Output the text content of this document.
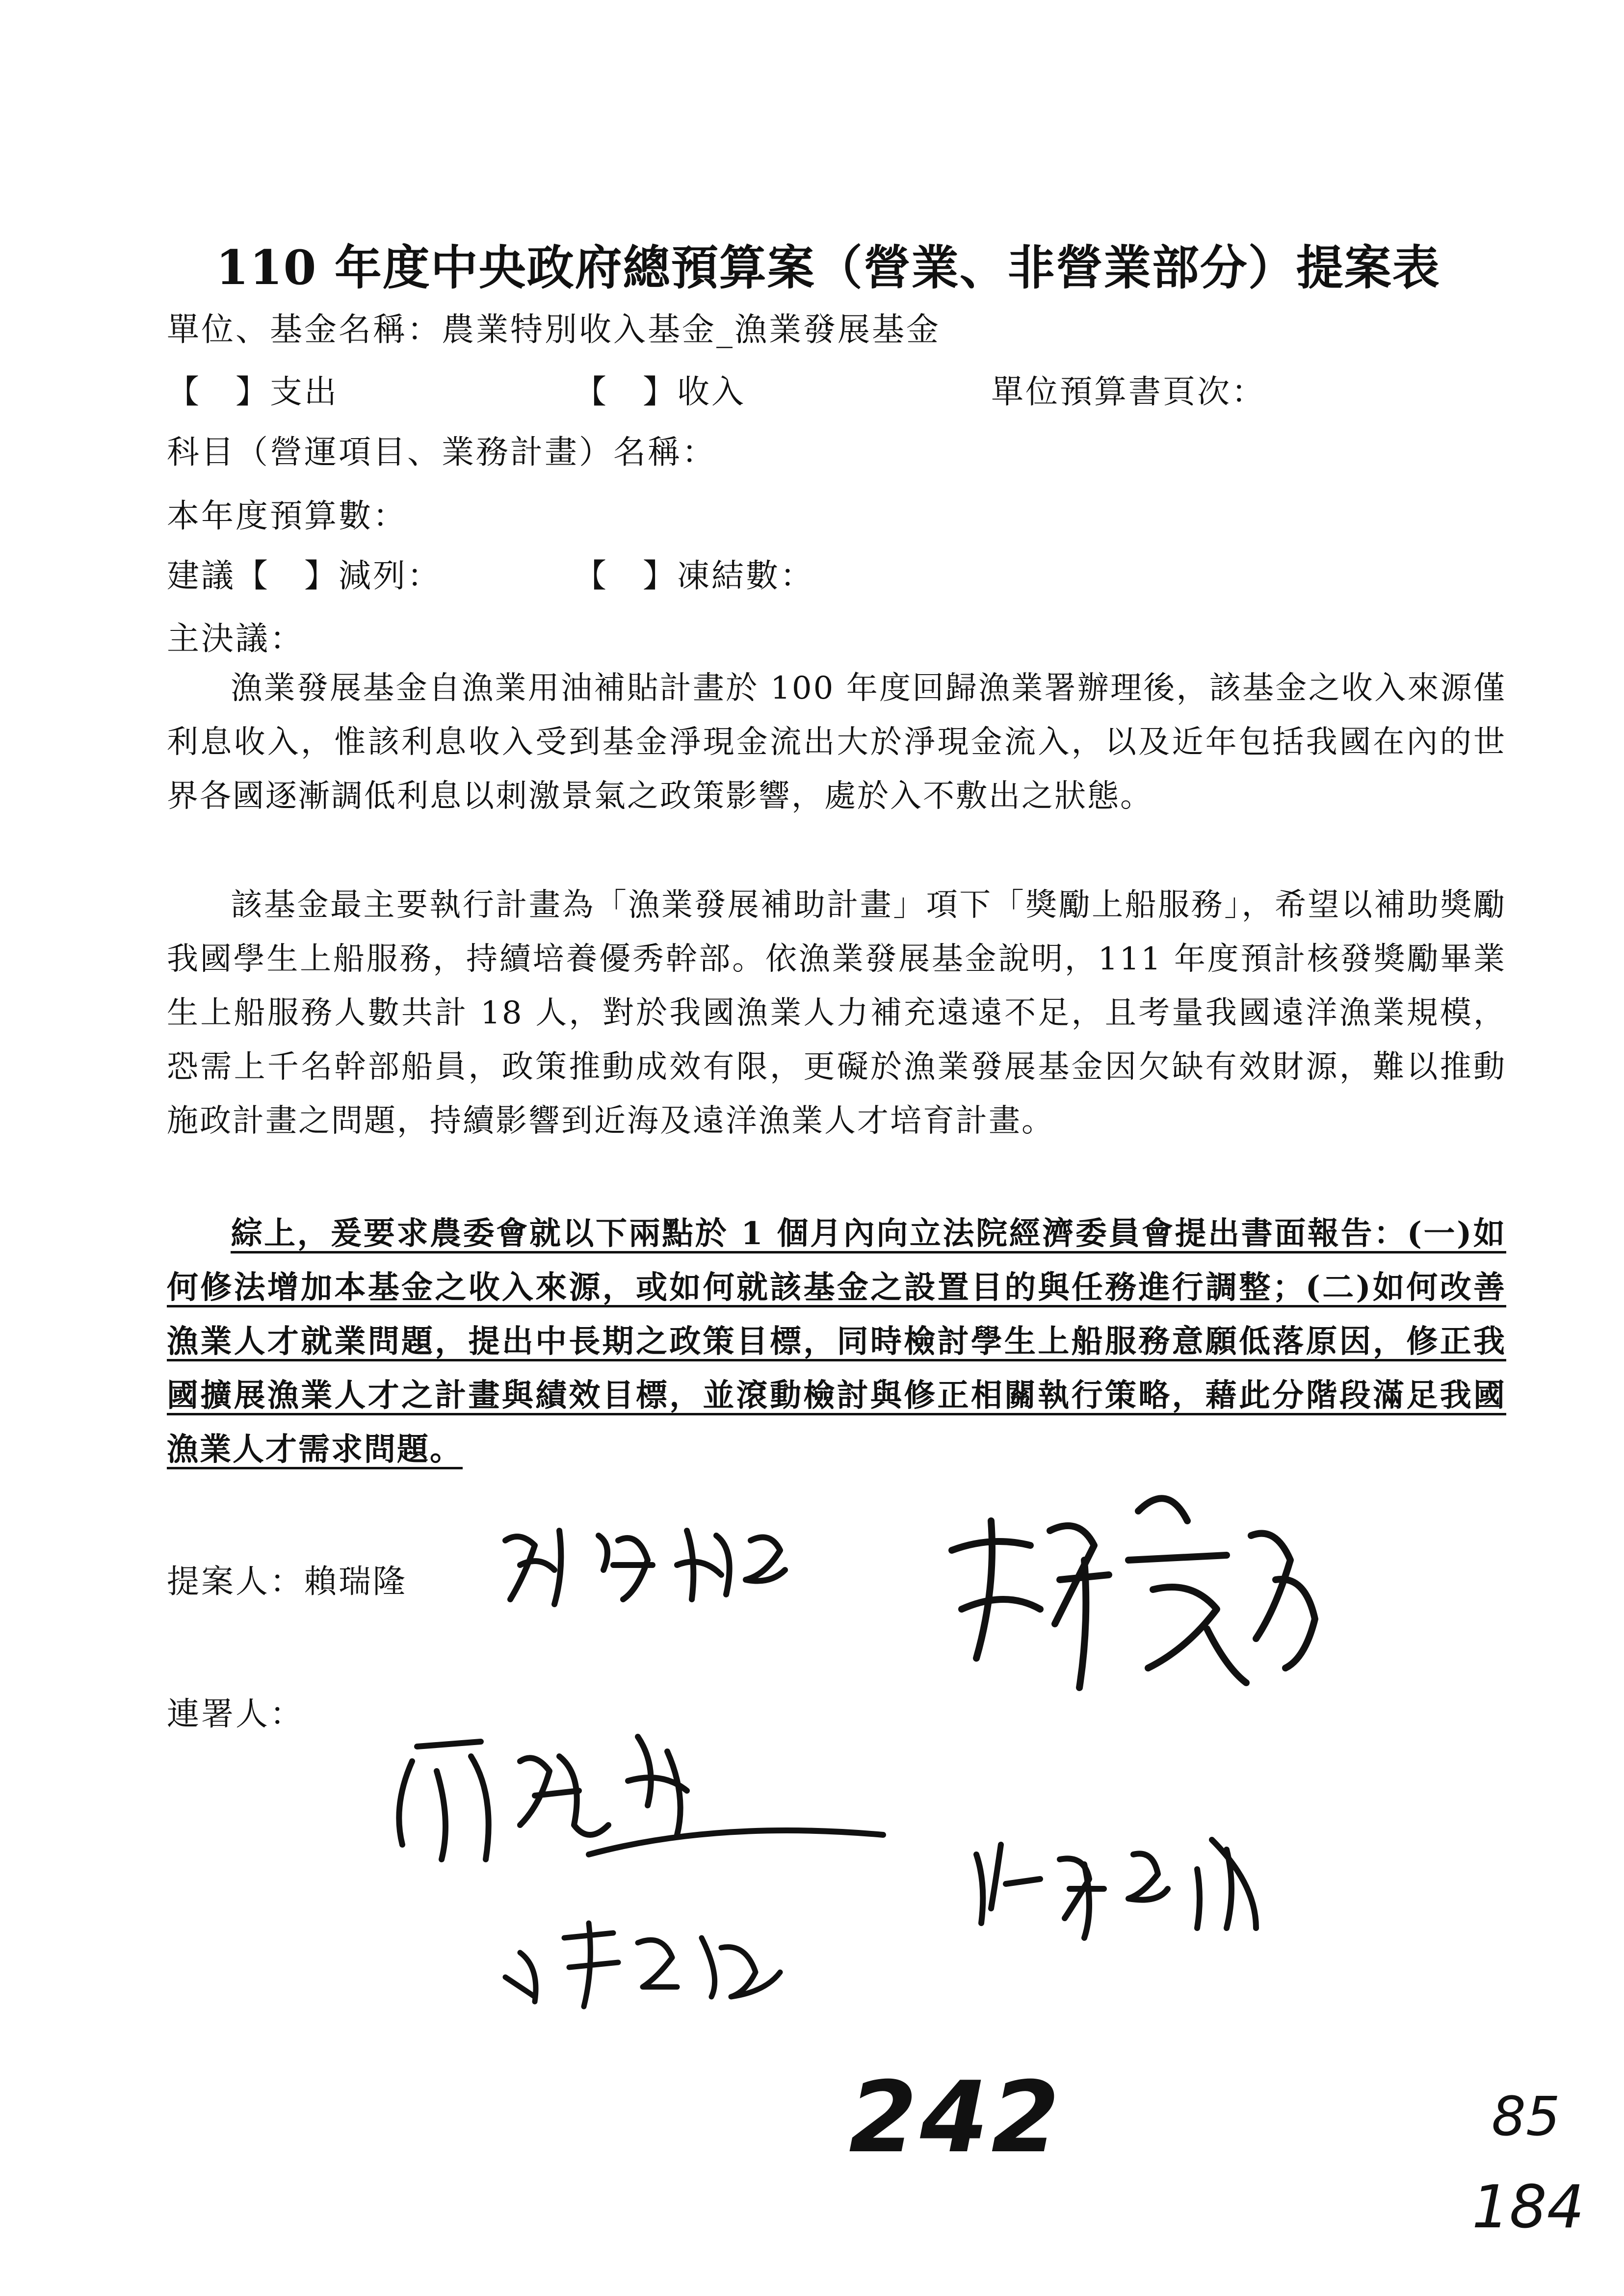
110 年度中央政府總預算案（營業、非營業部分）提案表
單位、基金名稱：農業特別收入基金_漁業發展基金
【　】支出	【　】收入	單位預算書頁次：
科目（營運項目、業務計畫）名稱：
本年度預算數：
建議【　】減列：	【　】凍結數：
主決議：
漁業發展基金自漁業用油補貼計畫於 100 年度回歸漁業署辦理後，該基金之收入來源僅利息收入，惟該利息收入受到基金淨現金流出大於淨現金流入，以及近年包括我國在內的世界各國逐漸調低利息以刺激景氣之政策影響，處於入不敷出之狀態。
該基金最主要執行計畫為「漁業發展補助計畫」項下「獎勵上船服務」，希望以補助獎勵我國學生上船服務，持續培養優秀幹部。依漁業發展基金說明，111 年度預計核發獎勵畢業生上船服務人數共計 18 人，對於我國漁業人力補充遠遠不足，且考量我國遠洋漁業規模，恐需上千名幹部船員，政策推動成效有限，更礙於漁業發展基金因欠缺有效財源，難以推動施政計畫之問題，持續影響到近海及遠洋漁業人才培育計畫。
綜上，爰要求農委會就以下兩點於 1 個月內向立法院經濟委員會提出書面報告：(一)如何修法增加本基金之收入來源，或如何就該基金之設置目的與任務進行調整；(二)如何改善漁業人才就業問題，提出中長期之政策目標，同時檢討學生上船服務意願低落原因，修正我國擴展漁業人才之計畫與績效目標，並滾動檢討與修正相關執行策略，藉此分階段滿足我國漁業人才需求問題。
提案人：賴瑞隆
連署人：
242	85
184
